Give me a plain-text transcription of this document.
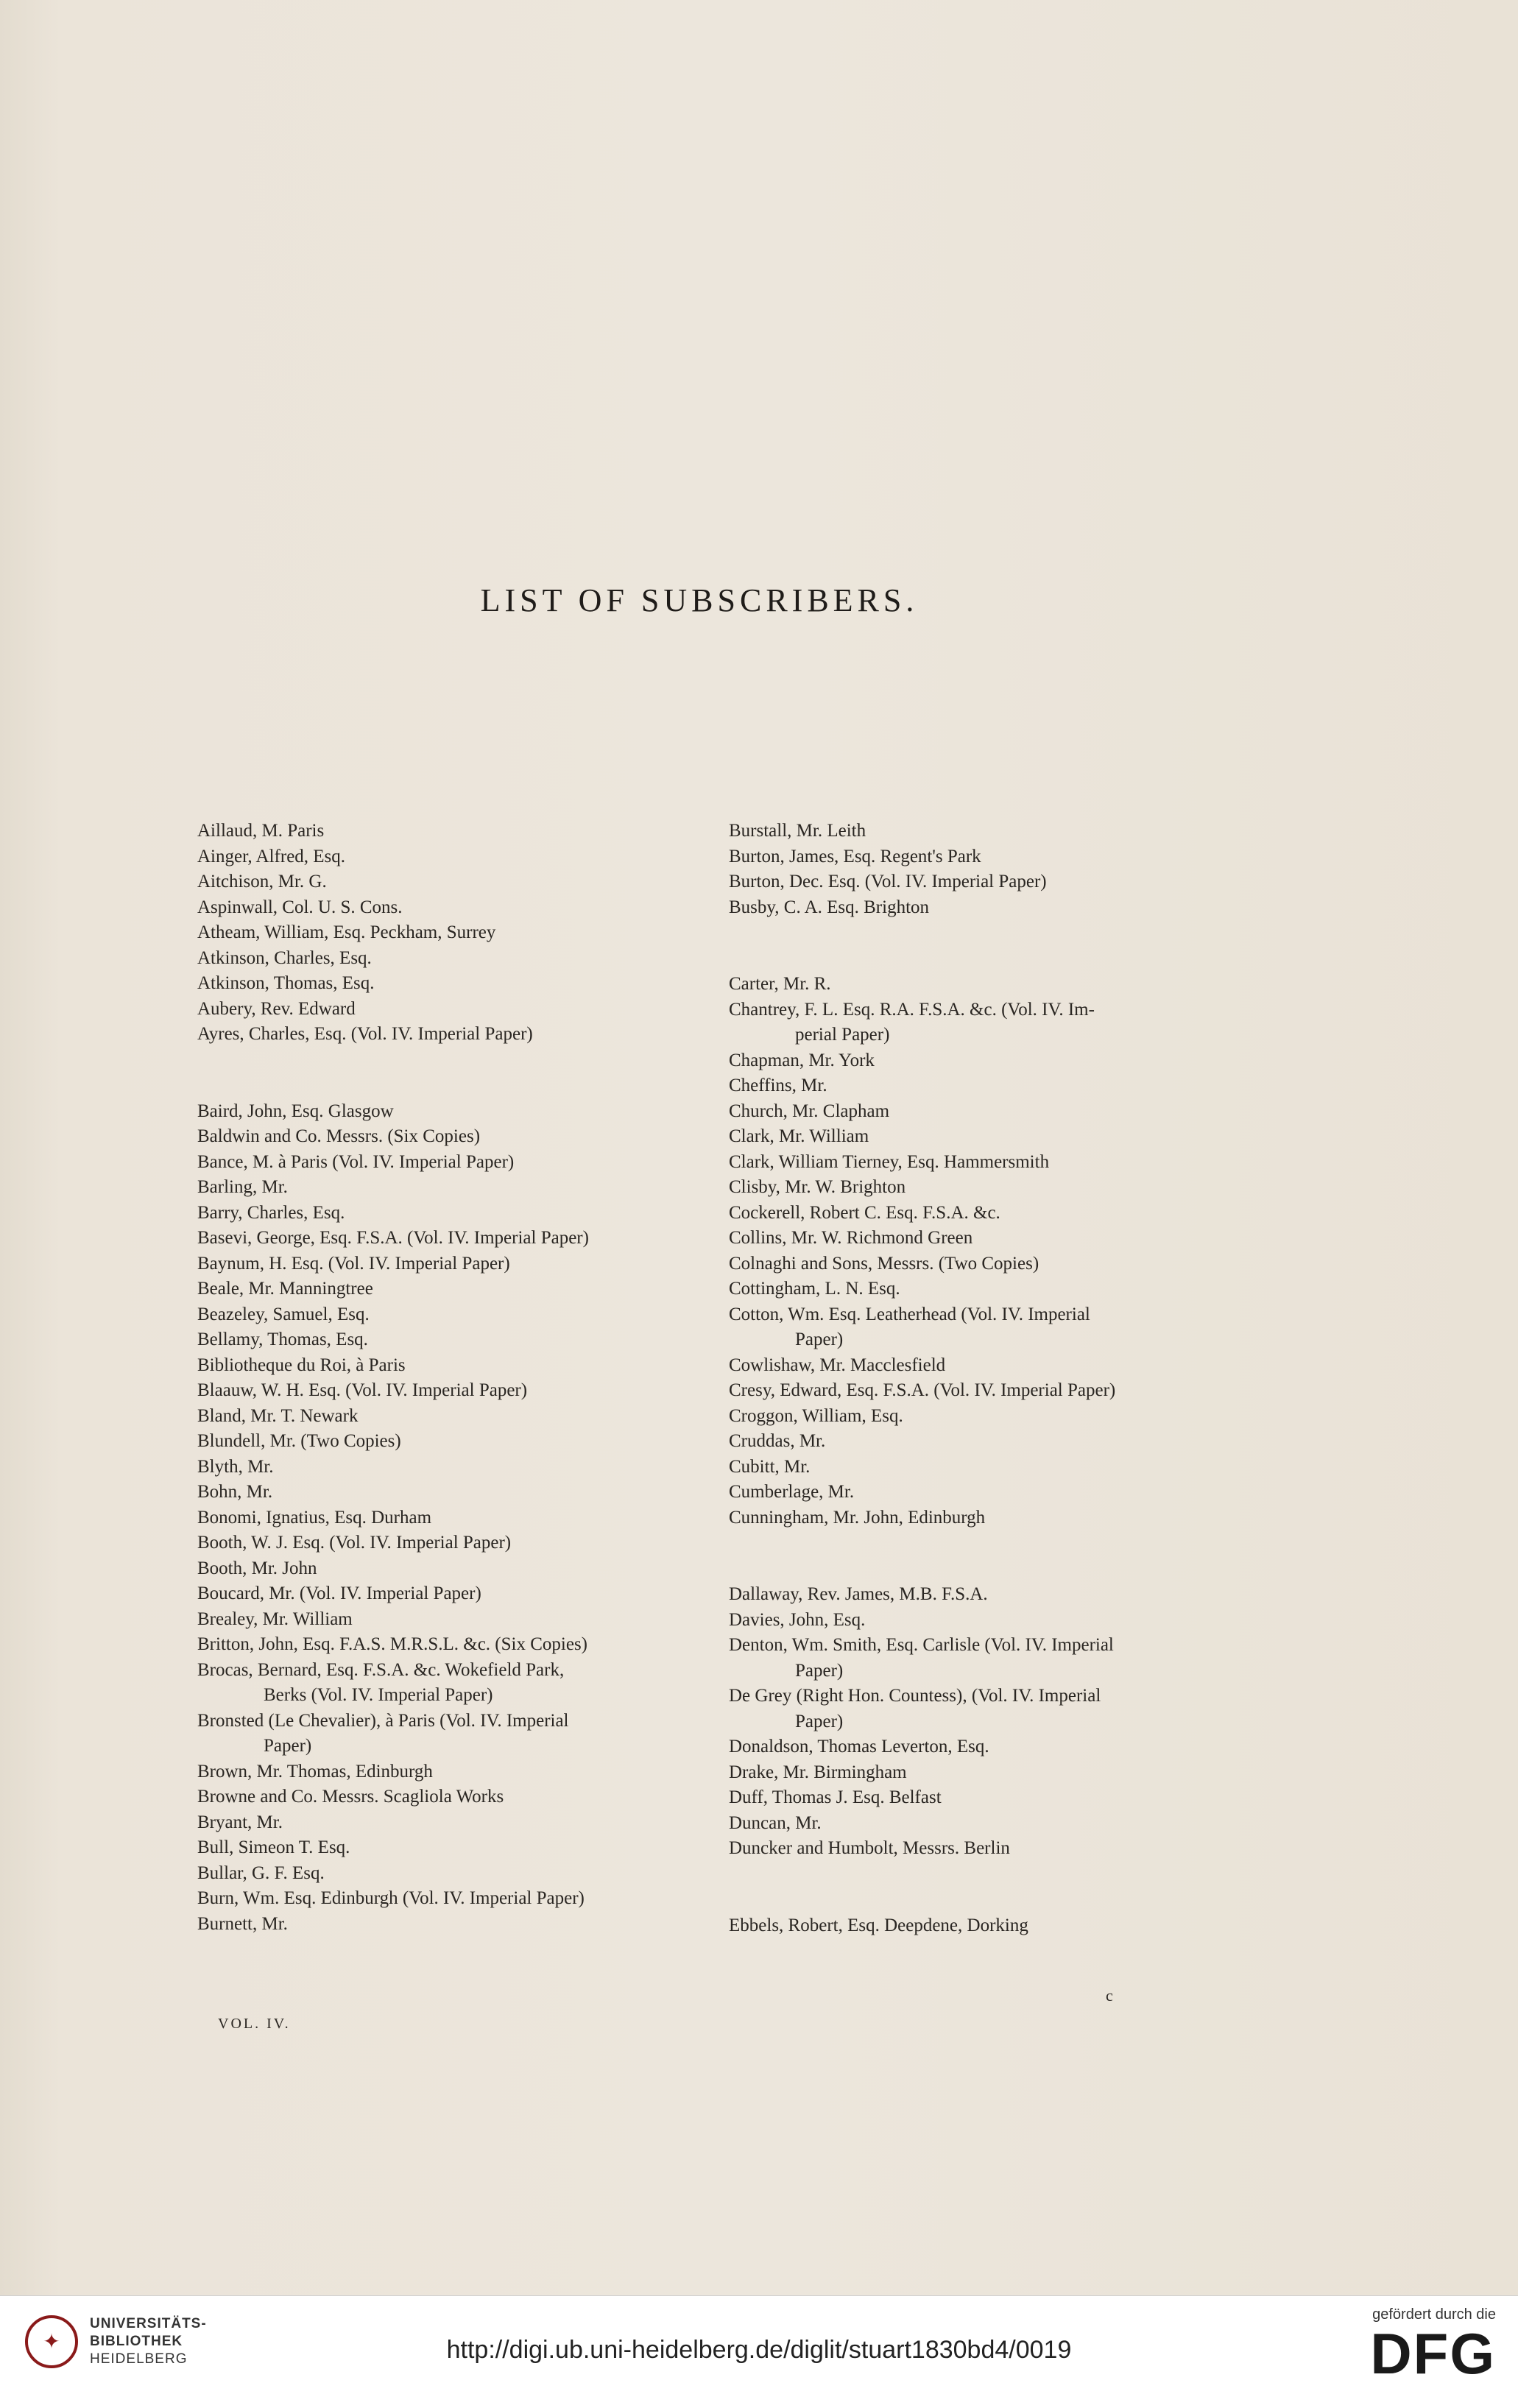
LIST OF SUBSCRIBERS.
Aillaud, M. Paris
Ainger, Alfred, Esq.
Aitchison, Mr. G.
Aspinwall, Col. U. S. Cons.
Atheam, William, Esq. Peckham, Surrey
Atkinson, Charles, Esq.
Atkinson, Thomas, Esq.
Aubery, Rev. Edward
Ayres, Charles, Esq. (Vol. IV. Imperial Paper)
Baird, John, Esq. Glasgow
Baldwin and Co. Messrs. (Six Copies)
Bance, M. à Paris (Vol. IV. Imperial Paper)
Barling, Mr.
Barry, Charles, Esq.
Basevi, George, Esq. F.S.A. (Vol. IV. Imperial Paper)
Baynum, H. Esq. (Vol. IV. Imperial Paper)
Beale, Mr. Manningtree
Beazeley, Samuel, Esq.
Bellamy, Thomas, Esq.
Bibliotheque du Roi, à Paris
Blaauw, W. H. Esq. (Vol. IV. Imperial Paper)
Bland, Mr. T. Newark
Blundell, Mr. (Two Copies)
Blyth, Mr.
Bohn, Mr.
Bonomi, Ignatius, Esq. Durham
Booth, W. J. Esq. (Vol. IV. Imperial Paper)
Booth, Mr. John
Boucard, Mr. (Vol. IV. Imperial Paper)
Brealey, Mr. William
Britton, John, Esq. F.A.S. M.R.S.L. &c. (Six Copies)
Brocas, Bernard, Esq. F.S.A. &c. Wokefield Park,
Berks (Vol. IV. Imperial Paper)
Bronsted (Le Chevalier), à Paris (Vol. IV. Imperial
Paper)
Brown, Mr. Thomas, Edinburgh
Browne and Co. Messrs. Scagliola Works
Bryant, Mr.
Bull, Simeon T. Esq.
Bullar, G. F. Esq.
Burn, Wm. Esq. Edinburgh (Vol. IV. Imperial Paper)
Burnett, Mr.
Burstall, Mr. Leith
Burton, James, Esq. Regent's Park
Burton, Dec. Esq. (Vol. IV. Imperial Paper)
Busby, C. A. Esq. Brighton
Carter, Mr. R.
Chantrey, F. L. Esq. R.A. F.S.A. &c. (Vol. IV. Im-
perial Paper)
Chapman, Mr. York
Cheffins, Mr.
Church, Mr. Clapham
Clark, Mr. William
Clark, William Tierney, Esq. Hammersmith
Clisby, Mr. W. Brighton
Cockerell, Robert C. Esq. F.S.A. &c.
Collins, Mr. W. Richmond Green
Colnaghi and Sons, Messrs. (Two Copies)
Cottingham, L. N. Esq.
Cotton, Wm. Esq. Leatherhead (Vol. IV. Imperial
Paper)
Cowlishaw, Mr. Macclesfield
Cresy, Edward, Esq. F.S.A. (Vol. IV. Imperial Paper)
Croggon, William, Esq.
Cruddas, Mr.
Cubitt, Mr.
Cumberlage, Mr.
Cunningham, Mr. John, Edinburgh
Dallaway, Rev. James, M.B. F.S.A.
Davies, John, Esq.
Denton, Wm. Smith, Esq. Carlisle (Vol. IV. Imperial
Paper)
De Grey (Right Hon. Countess), (Vol. IV. Imperial
Paper)
Donaldson, Thomas Leverton, Esq.
Drake, Mr. Birmingham
Duff, Thomas J. Esq. Belfast
Duncan, Mr.
Duncker and Humbolt, Messrs. Berlin
Ebbels, Robert, Esq. Deepdene, Dorking
VOL. IV.
c
✦
UNIVERSITÄTS-
BIBLIOTHEK
HEIDELBERG	http://digi.ub.uni-heidelberg.de/diglit/stuart1830bd4/0019
gefördert durch die
DFG
